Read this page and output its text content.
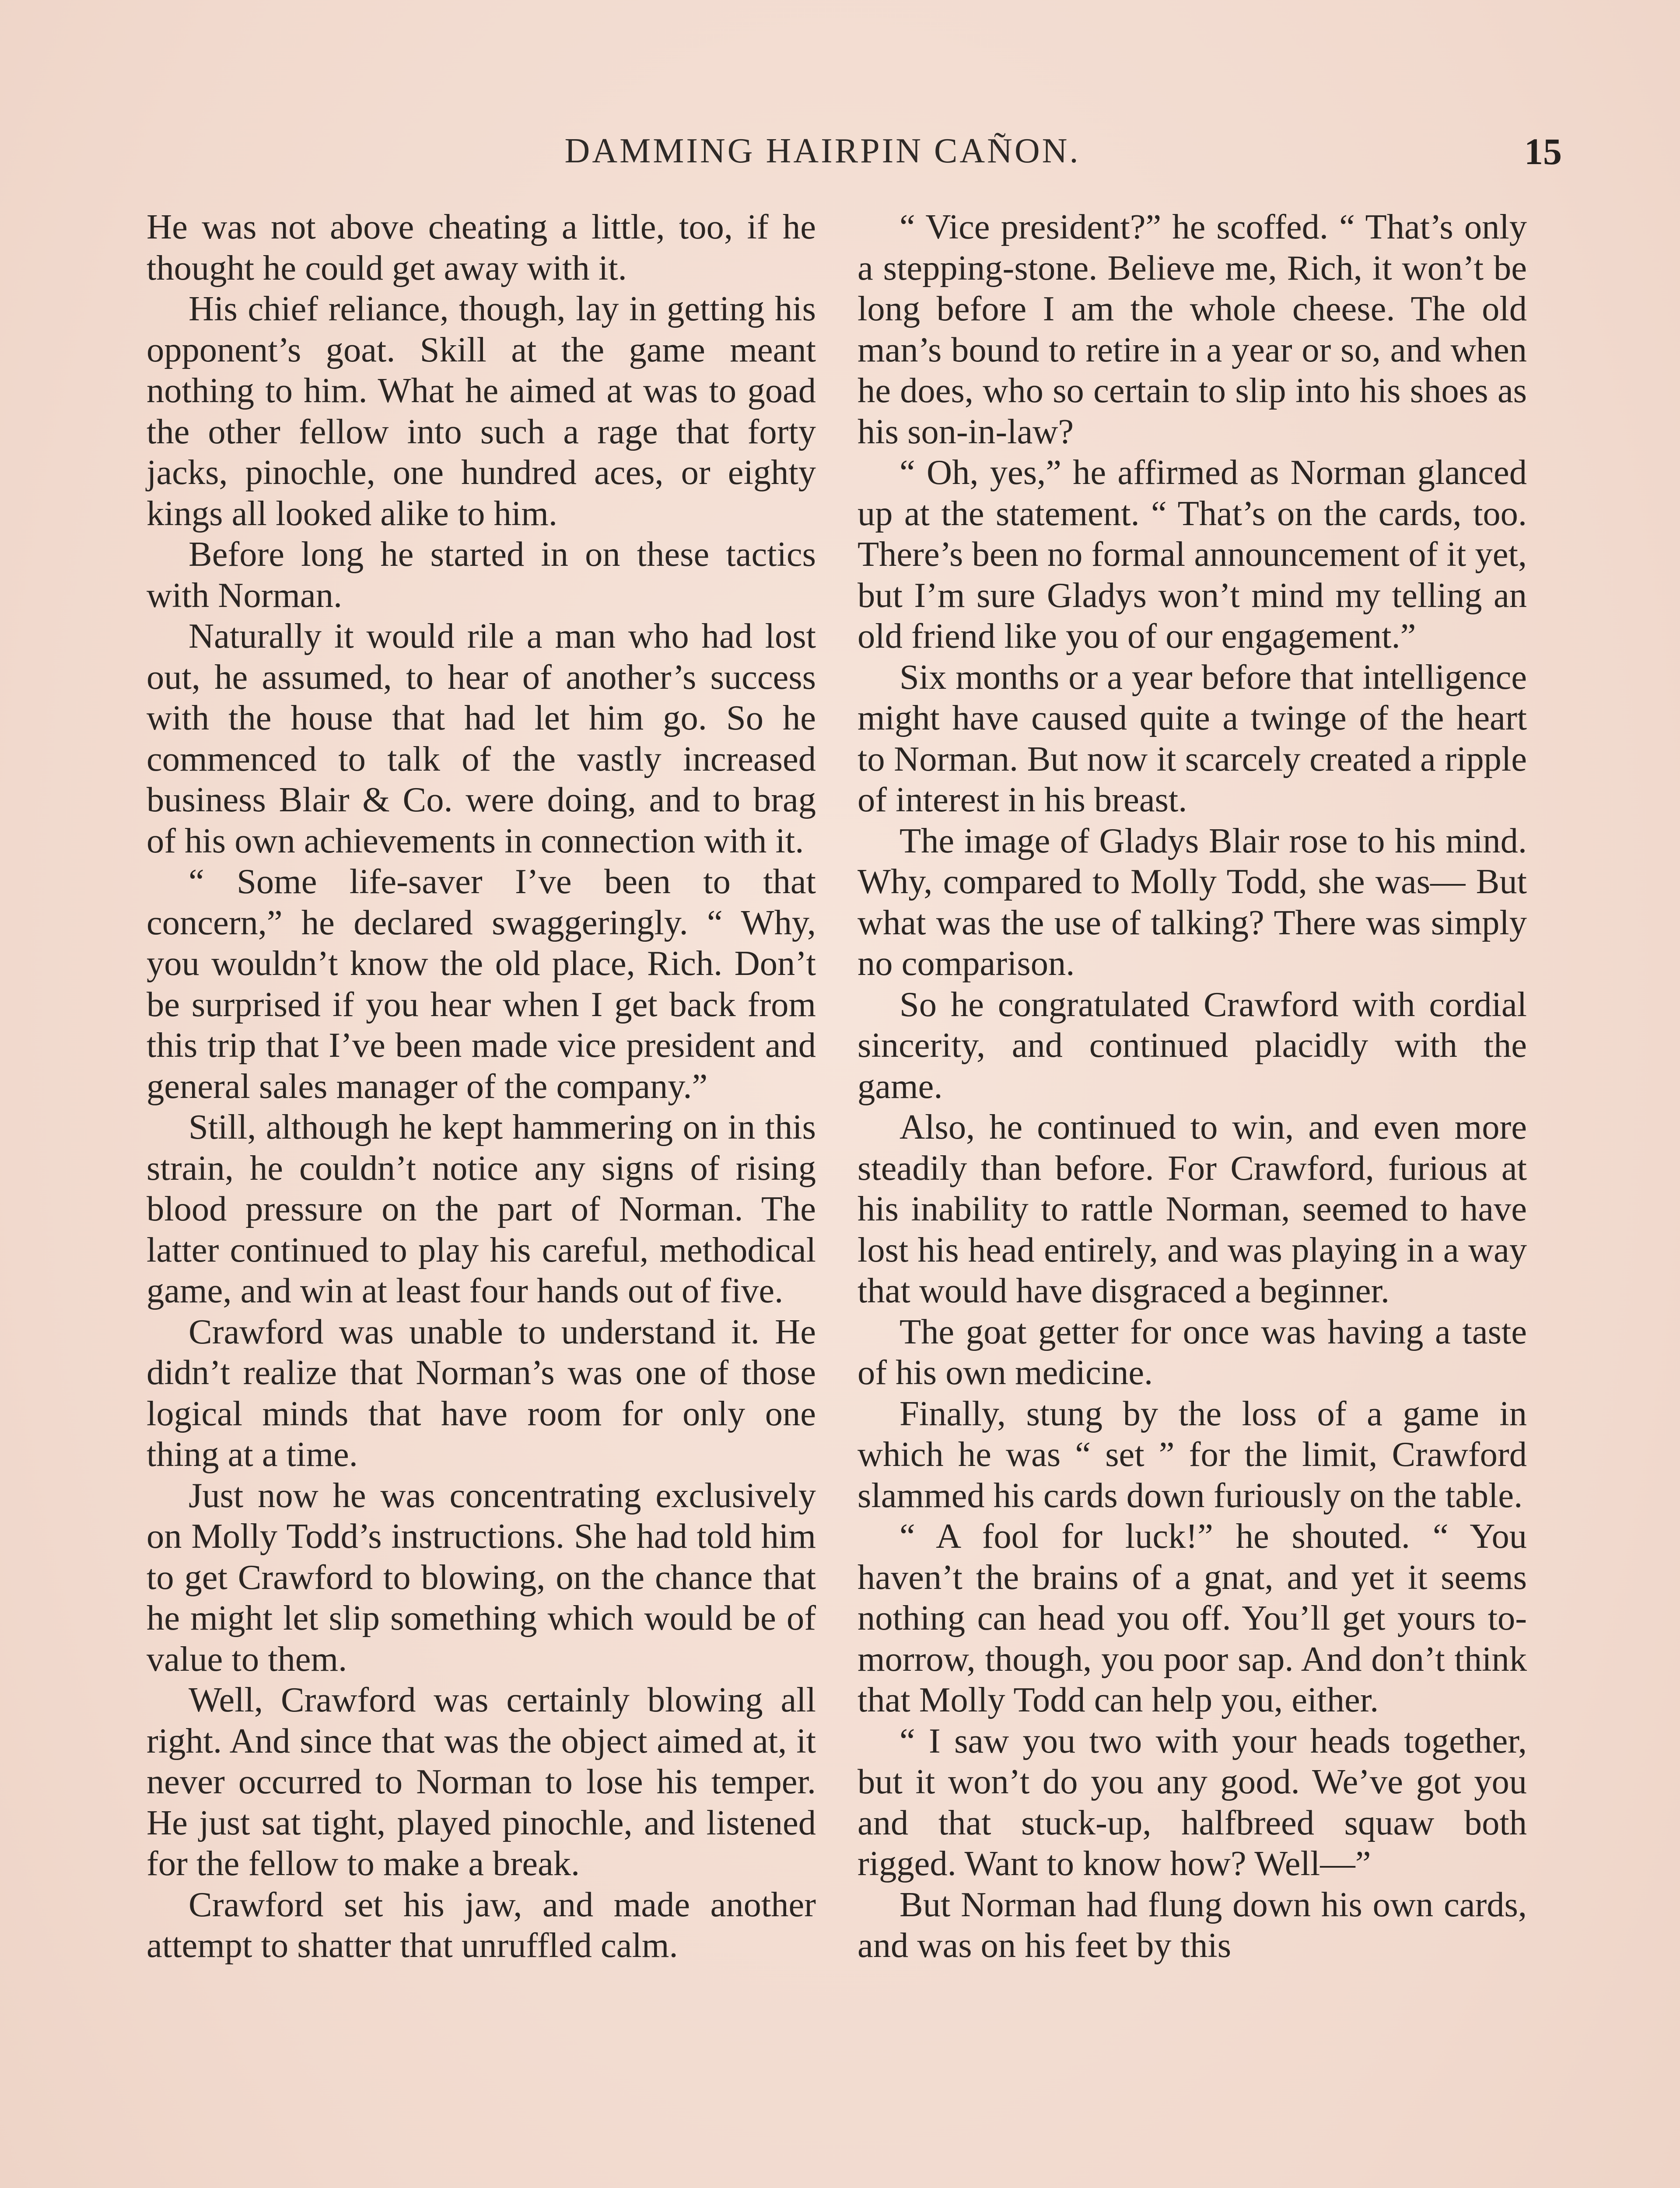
DAMMING HAIRPIN CAÑON.	15

He was not above cheating a little, too, if he thought he could get away with it.

His chief reliance, though, lay in getting his opponent’s goat. Skill at the game meant nothing to him. What he aimed at was to goad the other fellow into such a rage that forty jacks, pinochle, one hundred aces, or eighty kings all looked alike to him.

Before long he started in on these tactics with Norman.

Naturally it would rile a man who had lost out, he assumed, to hear of another’s success with the house that had let him go. So he commenced to talk of the vastly increased business Blair & Co. were doing, and to brag of his own achievements in connection with it.

“ Some life-saver I’ve been to that concern,” he declared swaggeringly. “ Why, you wouldn’t know the old place, Rich. Don’t be surprised if you hear when I get back from this trip that I’ve been made vice president and general sales manager of the company.”

Still, although he kept hammering on in this strain, he couldn’t notice any signs of rising blood pressure on the part of Norman. The latter continued to play his careful, methodical game, and win at least four hands out of five.

Crawford was unable to understand it. He didn’t realize that Norman’s was one of those logical minds that have room for only one thing at a time.

Just now he was concentrating exclusively on Molly Todd’s instructions. She had told him to get Crawford to blowing, on the chance that he might let slip something which would be of value to them.

Well, Crawford was certainly blowing all right. And since that was the object aimed at, it never occurred to Norman to lose his temper. He just sat tight, played pinochle, and listened for the fellow to make a break.

Crawford set his jaw, and made another attempt to shatter that unruffled calm.

“ Vice president?” he scoffed. “ That’s only a stepping-stone. Believe me, Rich, it won’t be long before I am the whole cheese. The old man’s bound to retire in a year or so, and when he does, who so certain to slip into his shoes as his son-in-law?

“ Oh, yes,” he affirmed as Norman glanced up at the statement. “ That’s on the cards, too. There’s been no formal announcement of it yet, but I’m sure Gladys won’t mind my telling an old friend like you of our engagement.”

Six months or a year before that intelligence might have caused quite a twinge of the heart to Norman. But now it scarcely created a ripple of interest in his breast.

The image of Gladys Blair rose to his mind. Why, compared to Molly Todd, she was— But what was the use of talking? There was simply no comparison.

So he congratulated Crawford with cordial sincerity, and continued placidly with the game.

Also, he continued to win, and even more steadily than before. For Crawford, furious at his inability to rattle Norman, seemed to have lost his head entirely, and was playing in a way that would have disgraced a beginner.

The goat getter for once was having a taste of his own medicine.

Finally, stung by the loss of a game in which he was “ set ” for the limit, Crawford slammed his cards down furiously on the table.

“ A fool for luck!” he shouted. “ You haven’t the brains of a gnat, and yet it seems nothing can head you off. You’ll get yours to-morrow, though, you poor sap. And don’t think that Molly Todd can help you, either.

“ I saw you two with your heads together, but it won’t do you any good. We’ve got you and that stuck-up, halfbreed squaw both rigged. Want to know how? Well—”

But Norman had flung down his own cards, and was on his feet by this
